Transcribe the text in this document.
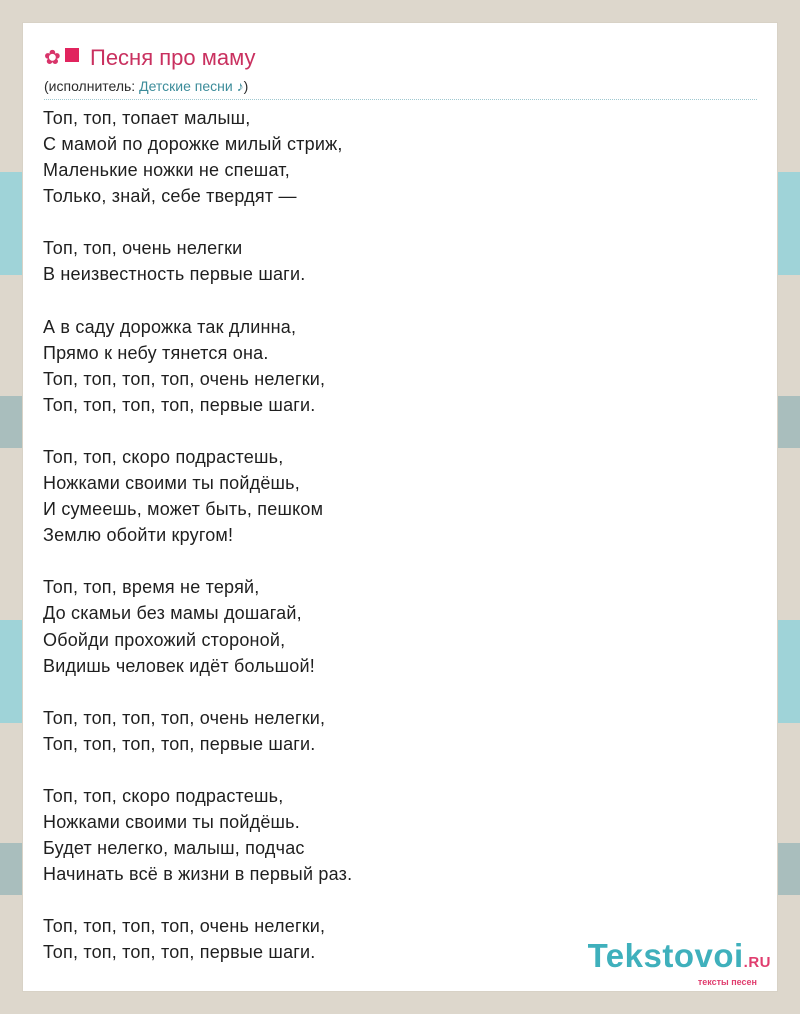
✿ Песня про маму
(исполнитель: Детские песни ♪)
Топ, топ, топает малыш,
С мамой по дорожке милый стриж,
Маленькие ножки не спешат,
Только, знай, себе твердят —
Топ, топ, очень нелегки
В неизвестность первые шаги.
А в саду дорожка так длинна,
Прямо к небу тянется она.
Топ, топ, топ, топ, очень нелегки,
Топ, топ, топ, топ, первые шаги.
Топ, топ, скоро подрастешь,
Ножками своими ты пойдёшь,
И сумеешь, может быть, пешком
Землю обойти кругом!
Топ, топ, время не теряй,
До скамьи без мамы дошагай,
Обойди прохожий стороной,
Видишь человек идёт большой!
Топ, топ, топ, топ, очень нелегки,
Топ, топ, топ, топ, первые шаги.
Топ, топ, скоро подрастешь,
Ножками своими ты пойдёшь.
Будет нелегко, малыш, подчас
Начинать всё в жизни в первый раз.
Топ, топ, топ, топ, очень нелегки,
Топ, топ, топ, топ, первые шаги.	Tekstovoi.RU
тексты песен
